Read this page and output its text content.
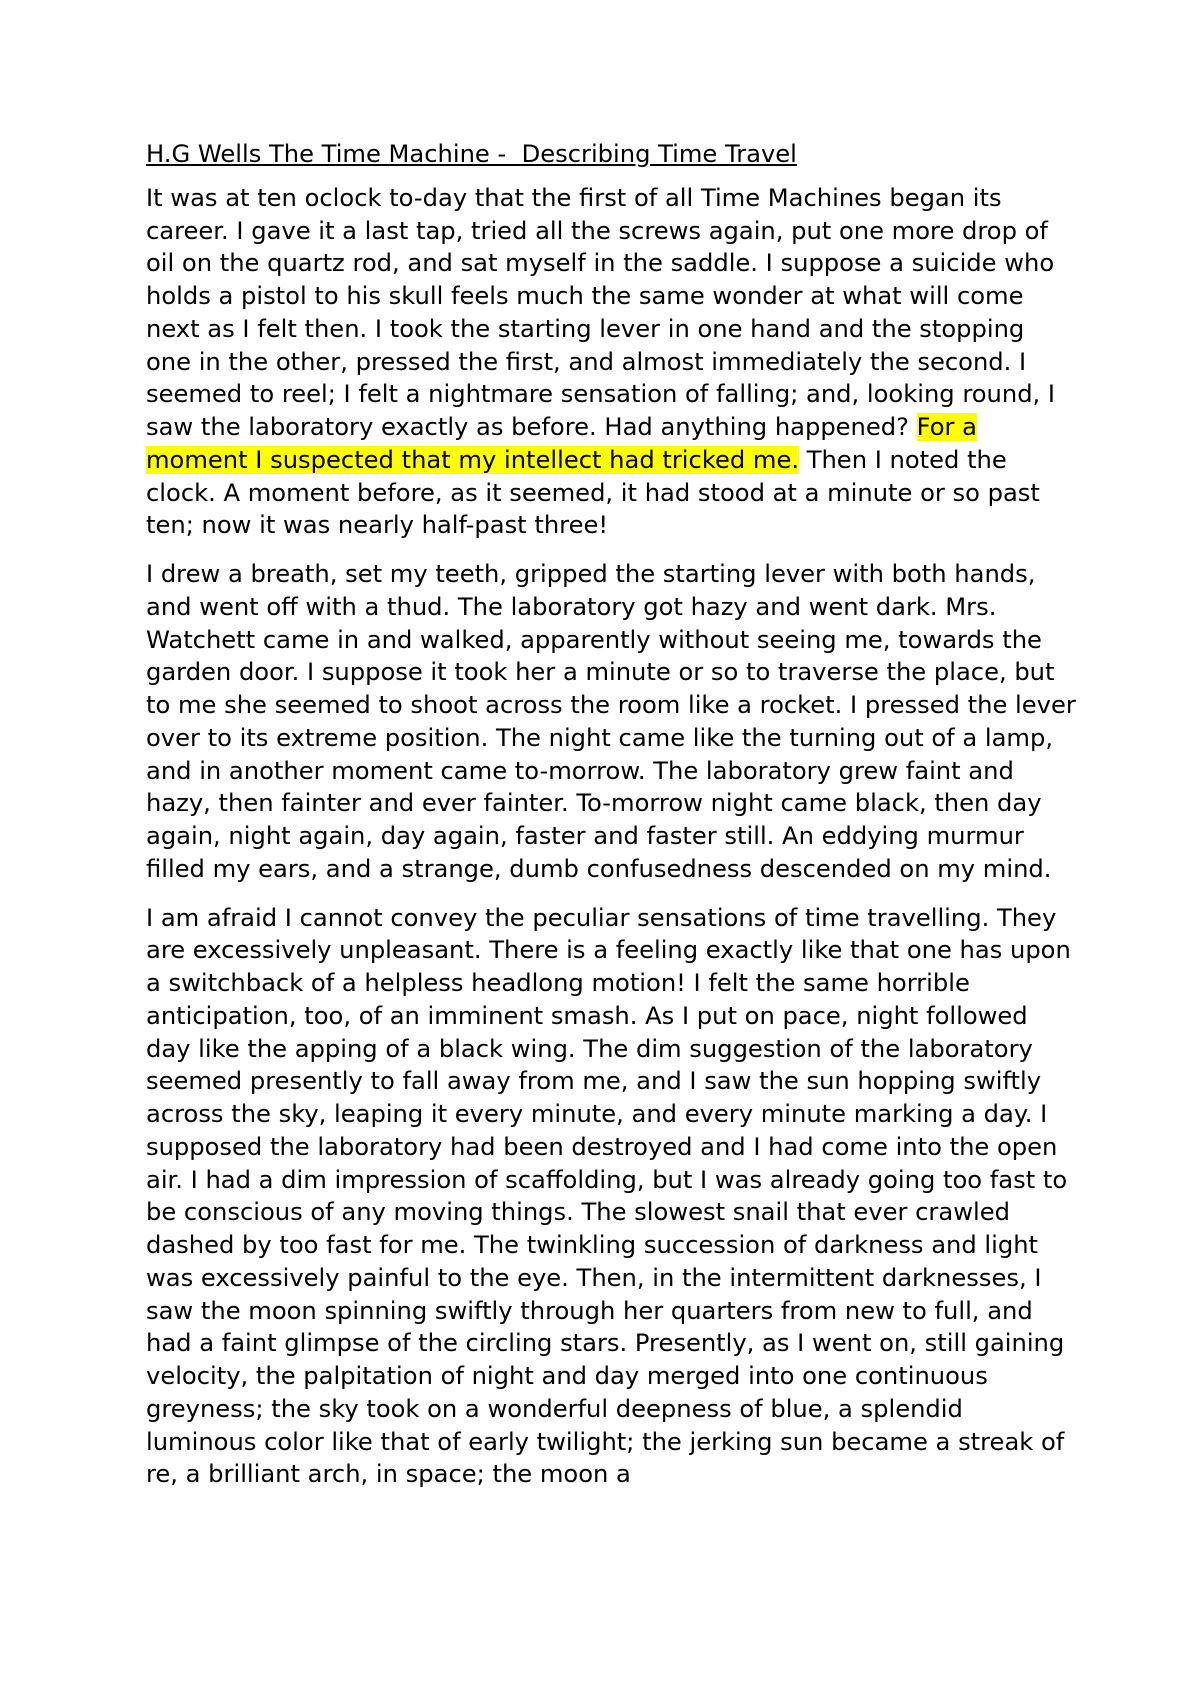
H.G Wells The Time Machine -  Describing Time Travel

It was at ten oclock to-day that the first of all Time Machines began its career. I gave it a last tap, tried all the screws again, put one more drop of oil on the quartz rod, and sat myself in the saddle. I suppose a suicide who holds a pistol to his skull feels much the same wonder at what will come next as I felt then. I took the starting lever in one hand and the stopping one in the other, pressed the first, and almost immediately the second. I seemed to reel; I felt a nightmare sensation of falling; and, looking round, I saw the laboratory exactly as before. Had anything happened? For a moment I suspected that my intellect had tricked me. Then I noted the clock. A moment before, as it seemed, it had stood at a minute or so past ten; now it was nearly half-past three!

I drew a breath, set my teeth, gripped the starting lever with both hands, and went off with a thud. The laboratory got hazy and went dark. Mrs. Watchett came in and walked, apparently without seeing me, towards the garden door. I suppose it took her a minute or so to traverse the place, but to me she seemed to shoot across the room like a rocket. I pressed the lever over to its extreme position. The night came like the turning out of a lamp, and in another moment came to-morrow. The laboratory grew faint and hazy, then fainter and ever fainter. To-morrow night came black, then day again, night again, day again, faster and faster still. An eddying murmur filled my ears, and a strange, dumb confusedness descended on my mind.

I am afraid I cannot convey the peculiar sensations of time travelling. They are excessively unpleasant. There is a feeling exactly like that one has upon a switchback of a helpless headlong motion! I felt the same horrible anticipation, too, of an imminent smash. As I put on pace, night followed day like the apping of a black wing. The dim suggestion of the laboratory seemed presently to fall away from me, and I saw the sun hopping swiftly across the sky, leaping it every minute, and every minute marking a day. I supposed the laboratory had been destroyed and I had come into the open air. I had a dim impression of scaffolding, but I was already going too fast to be conscious of any moving things. The slowest snail that ever crawled dashed by too fast for me. The twinkling succession of darkness and light was excessively painful to the eye. Then, in the intermittent darknesses, I saw the moon spinning swiftly through her quarters from new to full, and had a faint glimpse of the circling stars. Presently, as I went on, still gaining velocity, the palpitation of night and day merged into one continuous greyness; the sky took on a wonderful deepness of blue, a splendid luminous color like that of early twilight; the jerking sun became a streak of re, a brilliant arch, in space; the moon a
